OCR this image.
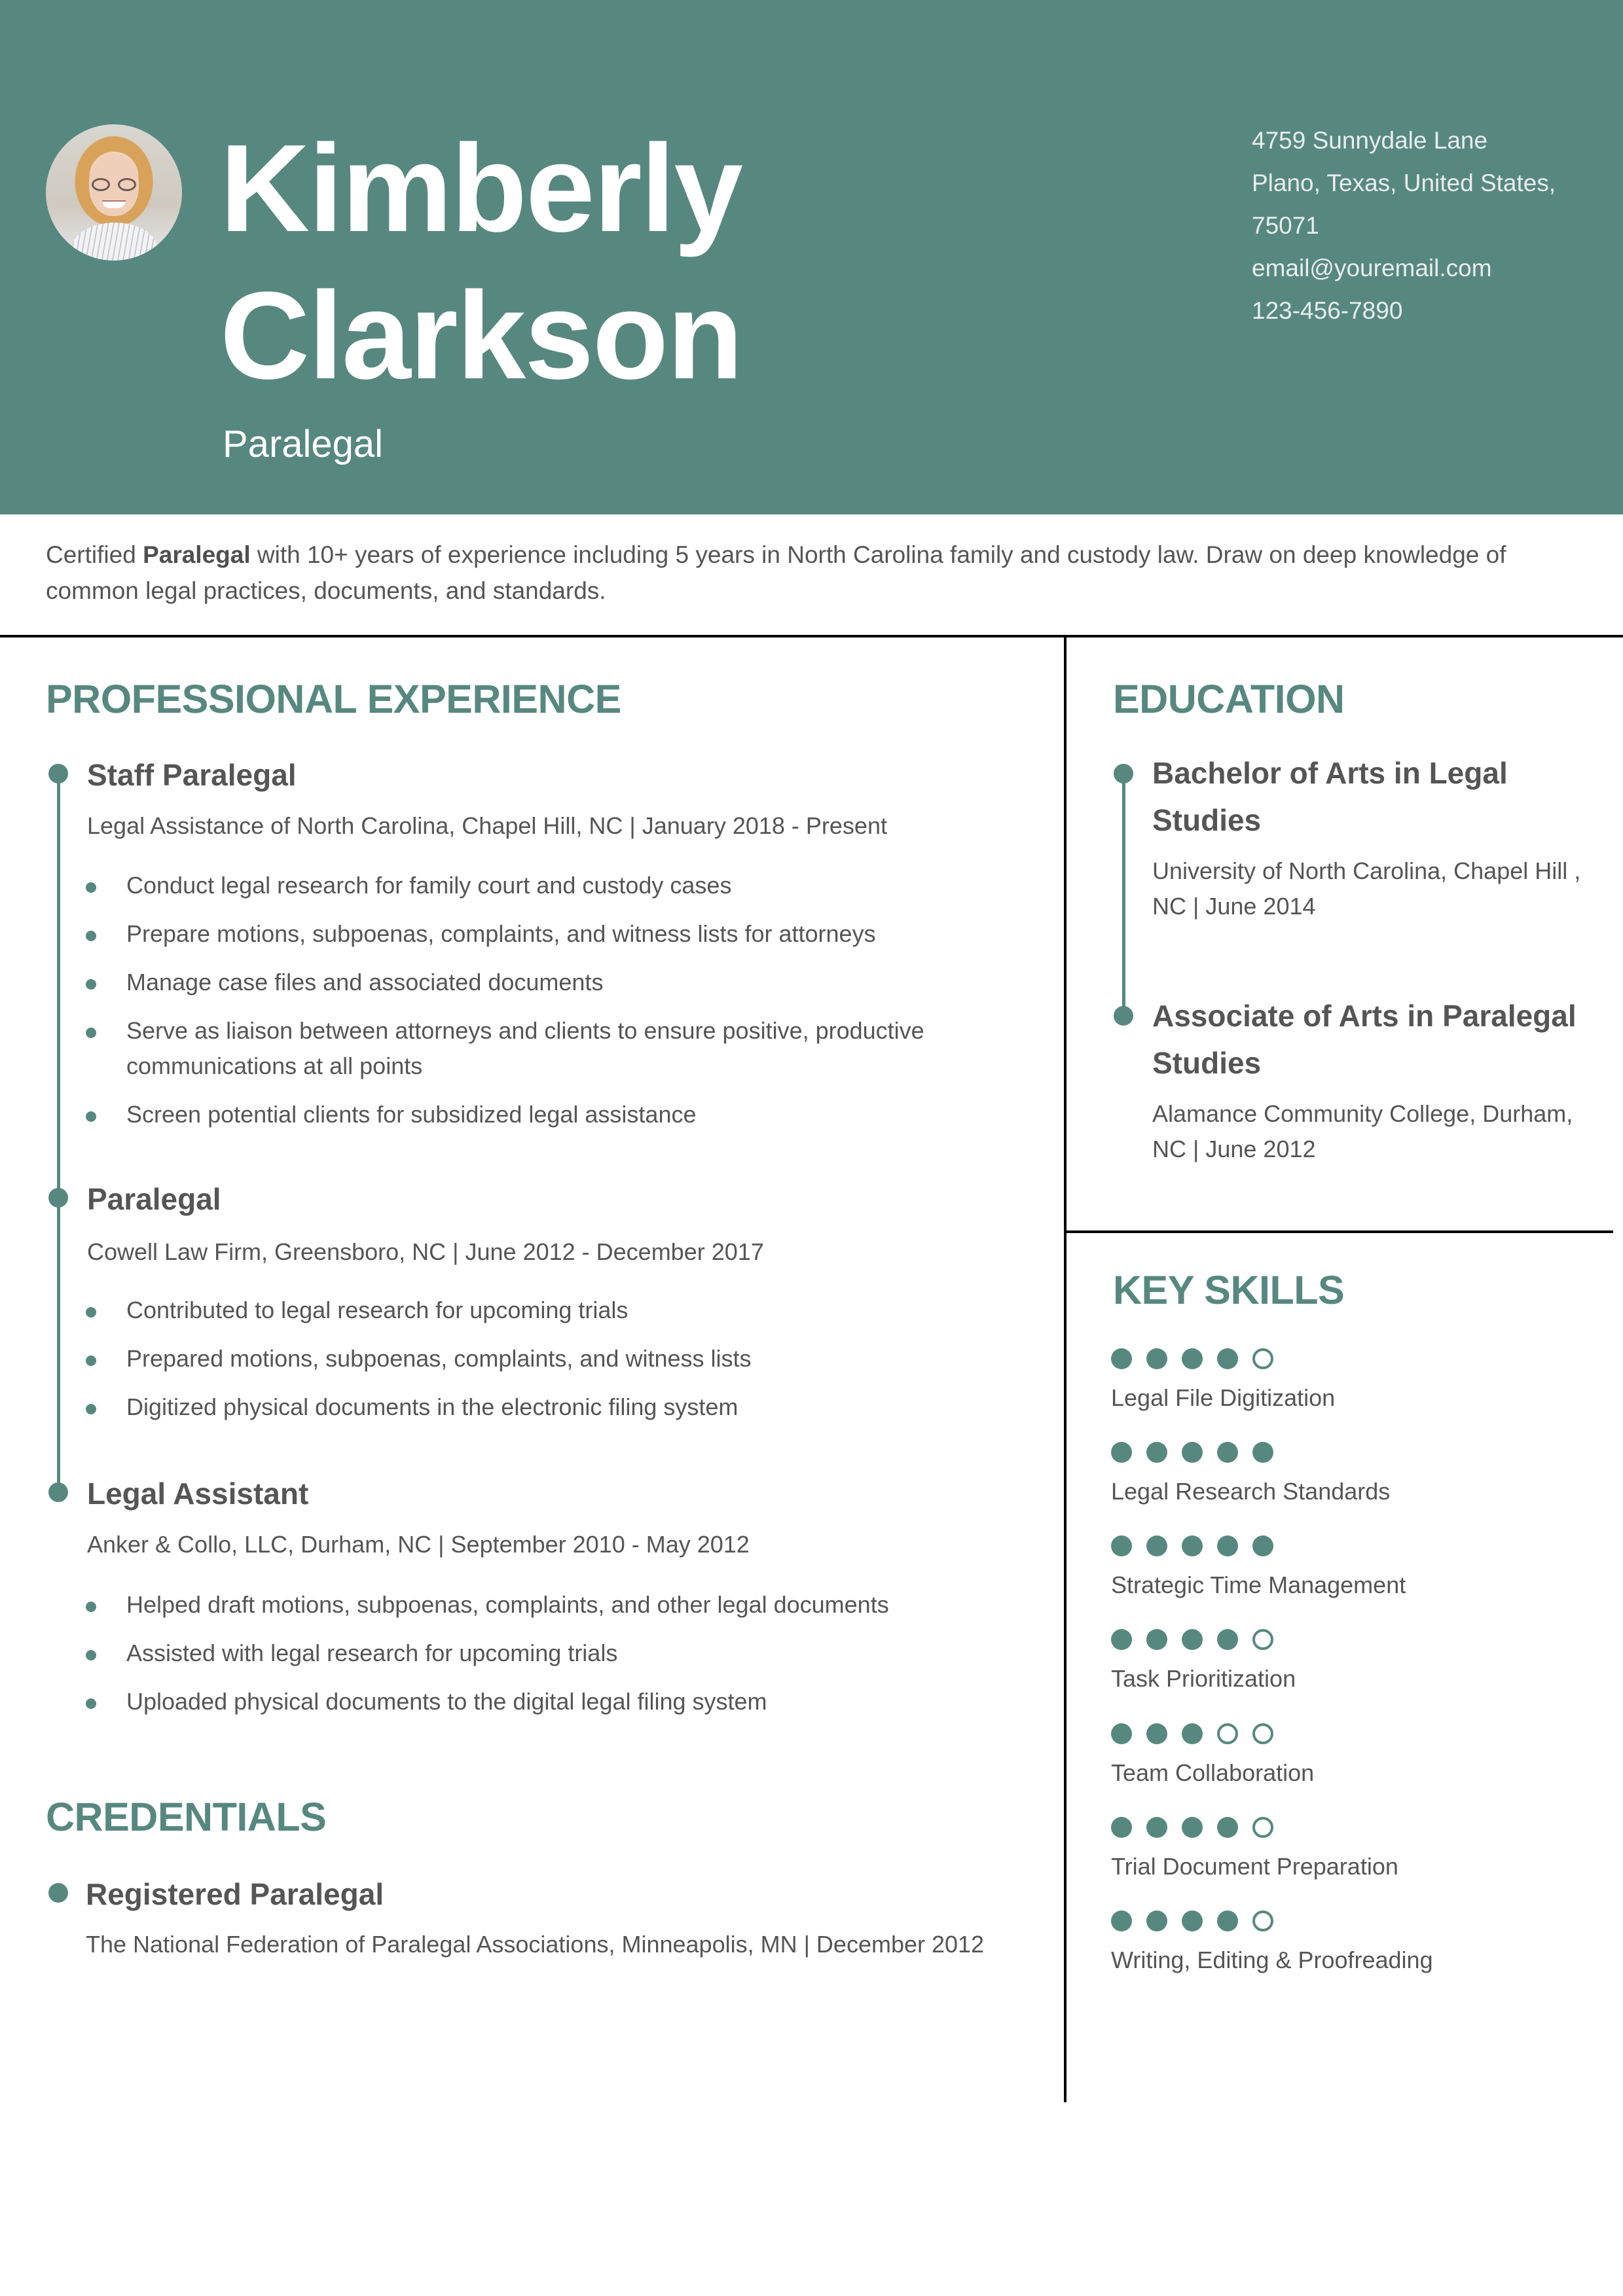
Kimberly
Clarkson
Paralegal
4759 Sunnydale Lane
Plano, Texas, United States,
75071
email@youremail.com
123-456-7890

Certified Paralegal with 10+ years of experience including 5 years in North Carolina family and custody law. Draw on deep knowledge of common legal practices, documents, and standards.

PROFESSIONAL EXPERIENCE
Staff Paralegal
Legal Assistance of North Carolina, Chapel Hill, NC | January 2018 - Present
Conduct legal research for family court and custody cases
Prepare motions, subpoenas, complaints, and witness lists for attorneys
Manage case files and associated documents
Serve as liaison between attorneys and clients to ensure positive, productive communications at all points
Screen potential clients for subsidized legal assistance
Paralegal
Cowell Law Firm, Greensboro, NC | June 2012 - December 2017
Contributed to legal research for upcoming trials
Prepared motions, subpoenas, complaints, and witness lists
Digitized physical documents in the electronic filing system
Legal Assistant
Anker & Collo, LLC, Durham, NC | September 2010 - May 2012
Helped draft motions, subpoenas, complaints, and other legal documents
Assisted with legal research for upcoming trials
Uploaded physical documents to the digital legal filing system
CREDENTIALS
Registered Paralegal
The National Federation of Paralegal Associations, Minneapolis, MN | December 2012
EDUCATION
Bachelor of Arts in Legal Studies
University of North Carolina, Chapel Hill , NC | June 2014
Associate of Arts in Paralegal Studies
Alamance Community College, Durham, NC | June 2012
KEY SKILLS
Legal File Digitization
Legal Research Standards
Strategic Time Management
Task Prioritization
Team Collaboration
Trial Document Preparation
Writing, Editing & Proofreading
